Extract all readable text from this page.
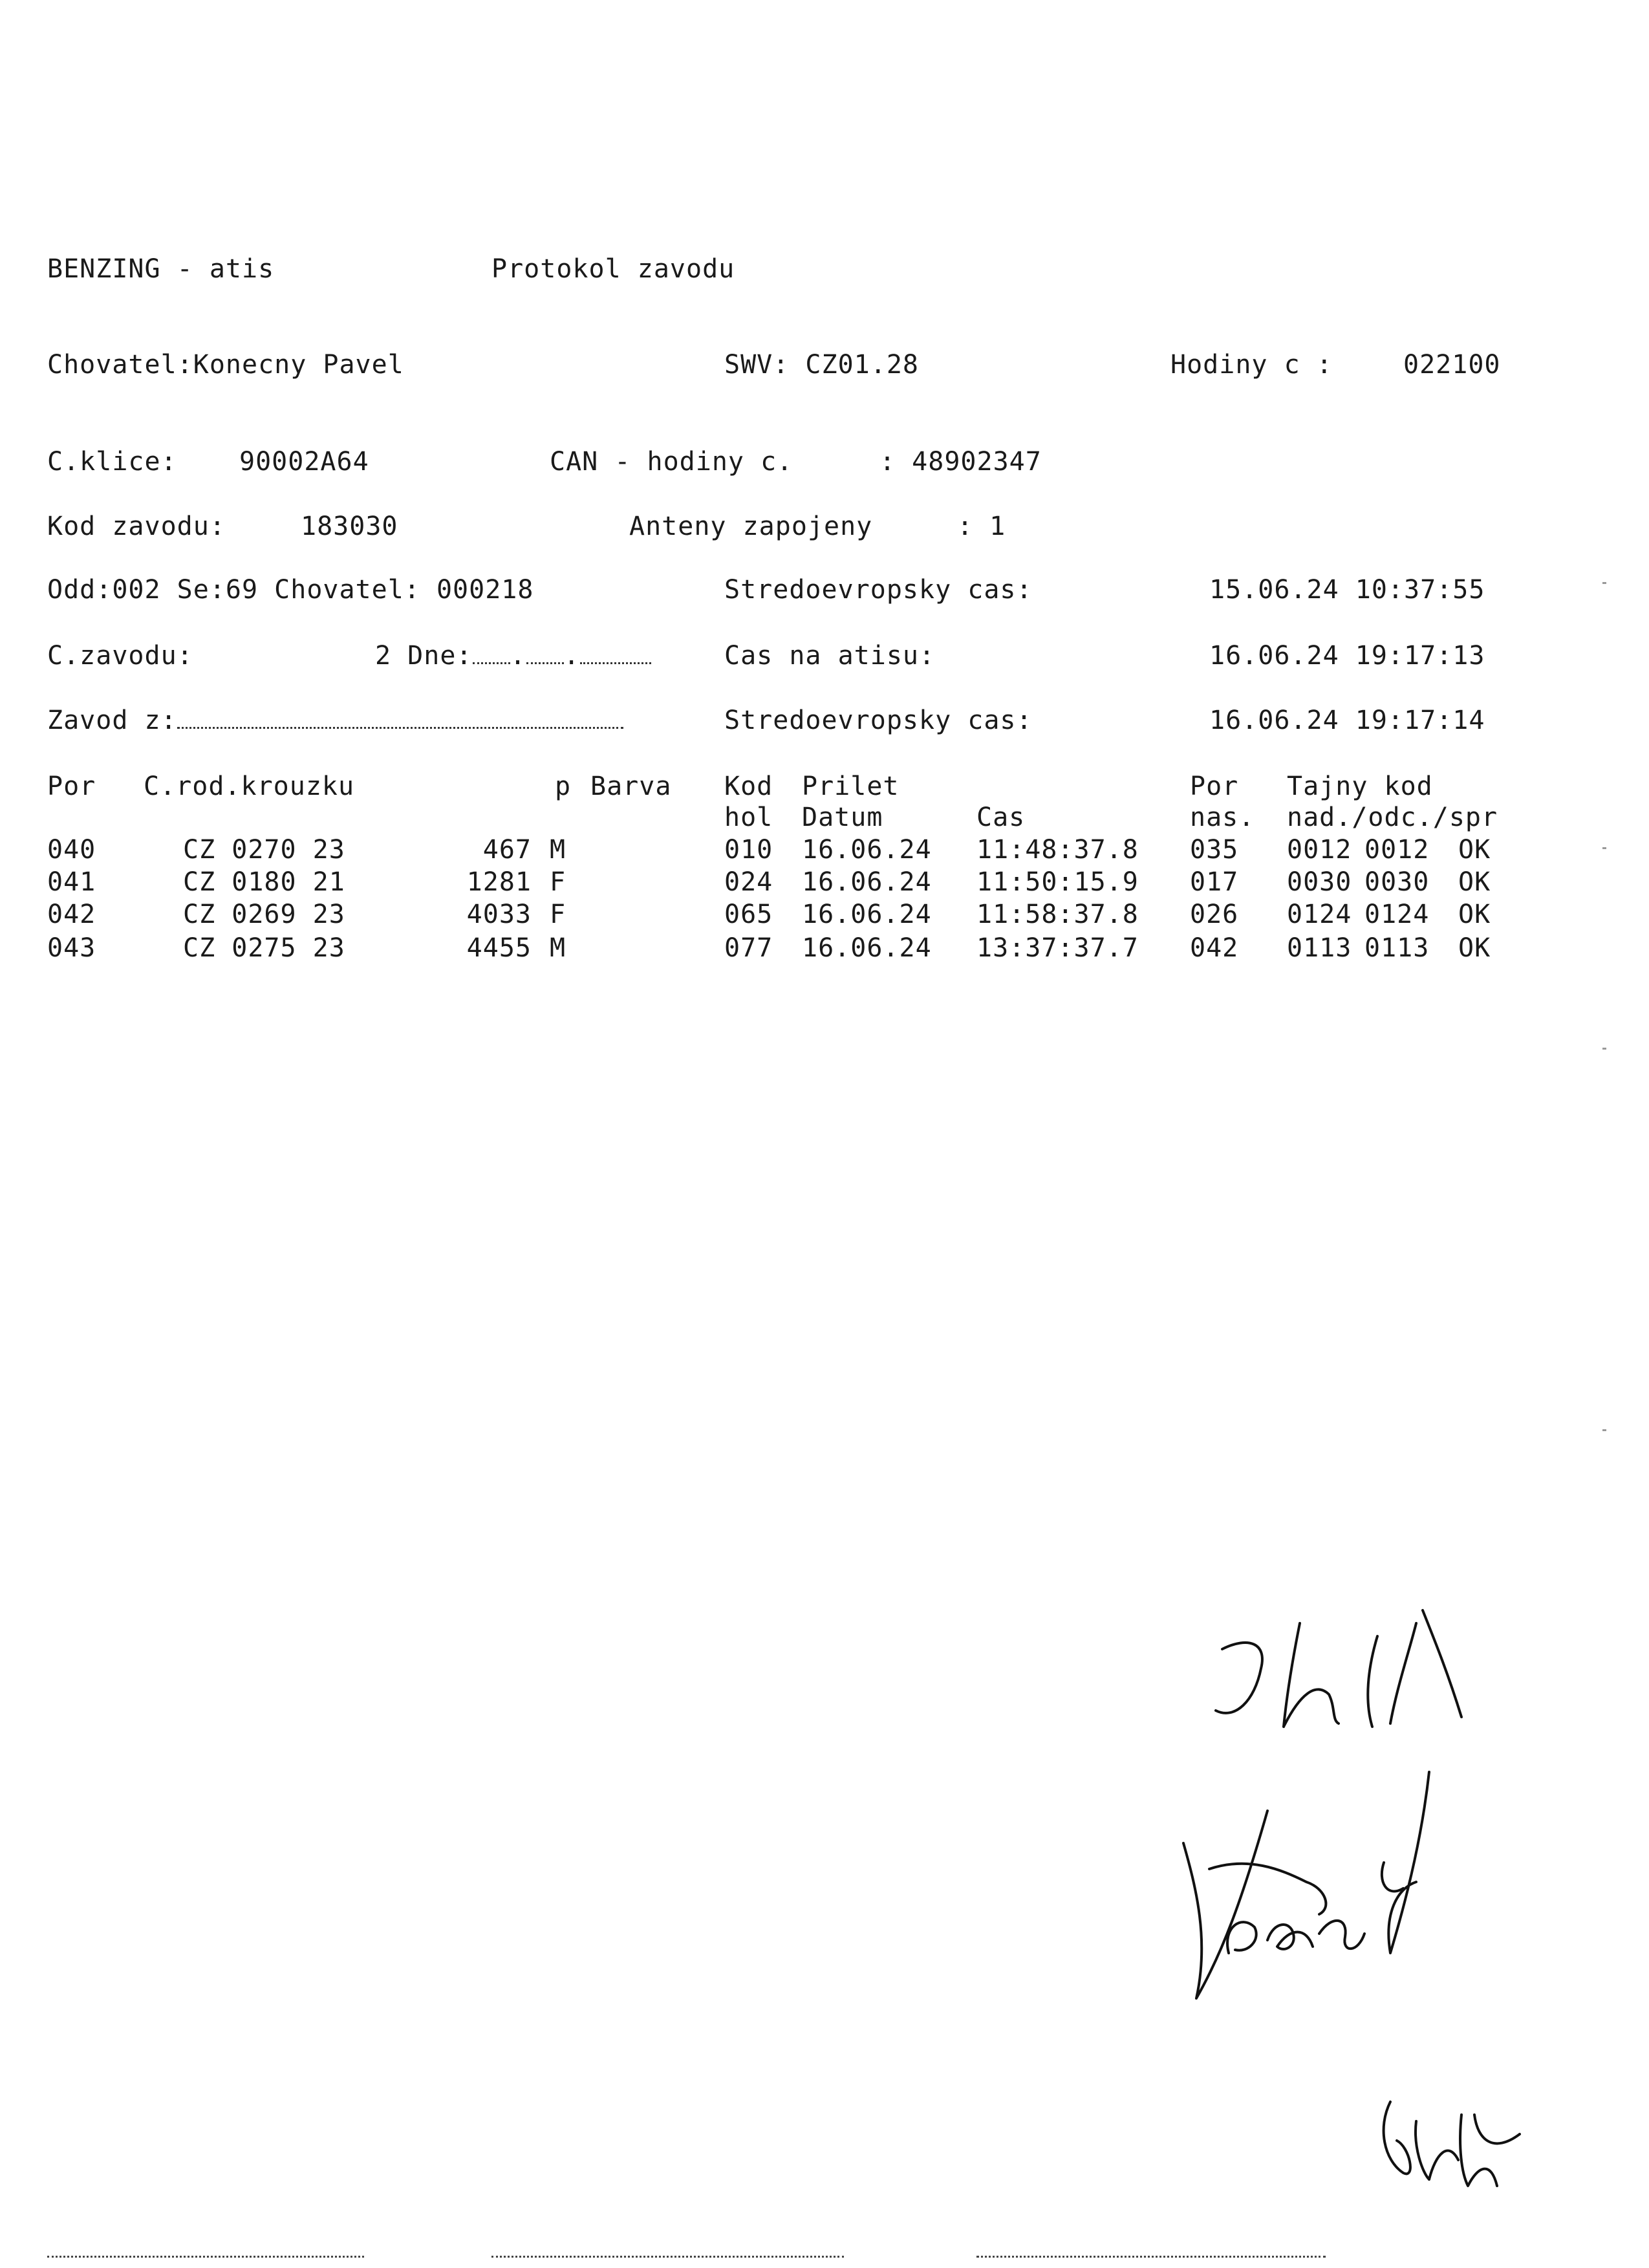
BENZING - atis	Protokol zavodu
Chovatel:Konecny Pavel	SWV: CZ01.28	Hodiny c :	022100
C.klice: 90002A64	CAN - hodiny c.	: 48902347
Kod zavodu:	183030	Anteny zapojeny	: 1
Odd:002 Se:69 Chovatel: 000218	Stredoevropsky cas:	15.06.24 10:37:55
C.zavodu:	2 Dne: . .	Cas na atisu:	16.06.24 19:17:13
Zavod z:	Stredoevropsky cas:	16.06.24 19:17:14
Por C.rod.krouzku	p Barva Kod Prilet	Por Tajny kod
hol Datum	Cas	nas. nad./odc./spr
040	CZ 0270 23	467 M	010 16.06.24 11:48:37.8 035 0012 0012 OK
041	CZ 0180 21	1281 F	024 16.06.24 11:50:15.9 017 0030 0030 OK
042	CZ 0269 23	4033 F	065 16.06.24 11:58:37.8 026 0124 0124 OK
043	CZ 0275 23	4455 M	077 16.06.24 13:37:37.7 042 0113 0113 OK
